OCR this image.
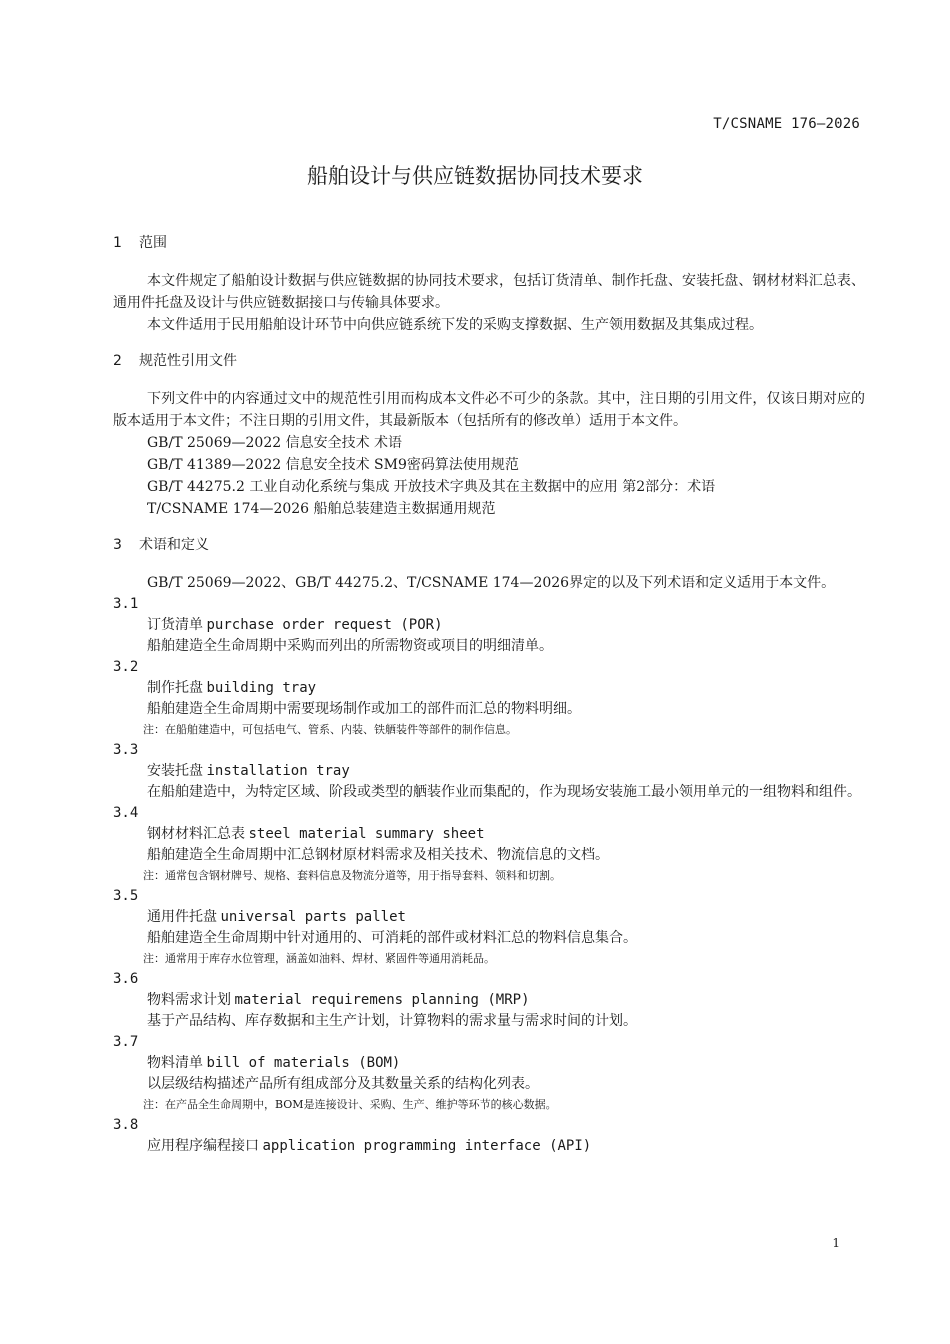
T/CSNAME 176—2026
船舶设计与供应链数据协同技术要求
1 范围

本文件规定了船舶设计数据与供应链数据的协同技术要求，包括订货清单、制作托盘、安装托盘、钢材材料汇总表、通用件托盘及设计与供应链数据接口与传输具体要求。

本文件适用于民用船舶设计环节中向供应链系统下发的采购支撑数据、生产领用数据及其集成过程。

2 规范性引用文件

下列文件中的内容通过文中的规范性引用而构成本文件必不可少的条款。其中，注日期的引用文件，仅该日期对应的版本适用于本文件；不注日期的引用文件，其最新版本（包括所有的修改单）适用于本文件。

GB/T 25069—2022 信息安全技术 术语
GB/T 41389—2022 信息安全技术 SM9密码算法使用规范
GB/T 44275.2 工业自动化系统与集成 开放技术字典及其在主数据中的应用 第2部分：术语
T/CSNAME 174—2026 船舶总装建造主数据通用规范
3 术语和定义

GB/T 25069—2022、GB/T 44275.2、T/CSNAME 174—2026界定的以及下列术语和定义适用于本文件。

3.1
订货清单 purchase order request (POR)

船舶建造全生命周期中采购而列出的所需物资或项目的明细清单。

3.2
制作托盘 building tray

船舶建造全生命周期中需要现场制作或加工的部件而汇总的物料明细。

注：在船舶建造中，可包括电气、管系、内装、铁舾装件等部件的制作信息。
3.3
安装托盘 installation tray

在船舶建造中，为特定区域、阶段或类型的舾装作业而集配的，作为现场安装施工最小领用单元的一组物料和组件。

3.4
钢材材料汇总表 steel material summary sheet

船舶建造全生命周期中汇总钢材原材料需求及相关技术、物流信息的文档。

注：通常包含钢材牌号、规格、套料信息及物流分道等，用于指导套料、领料和切割。
3.5
通用件托盘 universal parts pallet

船舶建造全生命周期中针对通用的、可消耗的部件或材料汇总的物料信息集合。

注：通常用于库存水位管理，涵盖如油料、焊材、紧固件等通用消耗品。
3.6
物料需求计划 material requiremens planning (MRP)

基于产品结构、库存数据和主生产计划，计算物料的需求量与需求时间的计划。

3.7
物料清单 bill of materials (BOM)

以层级结构描述产品所有组成部分及其数量关系的结构化列表。

注：在产品全生命周期中，BOM是连接设计、采购、生产、维护等环节的核心数据。
3.8
应用程序编程接口 application programming interface (API)
1
